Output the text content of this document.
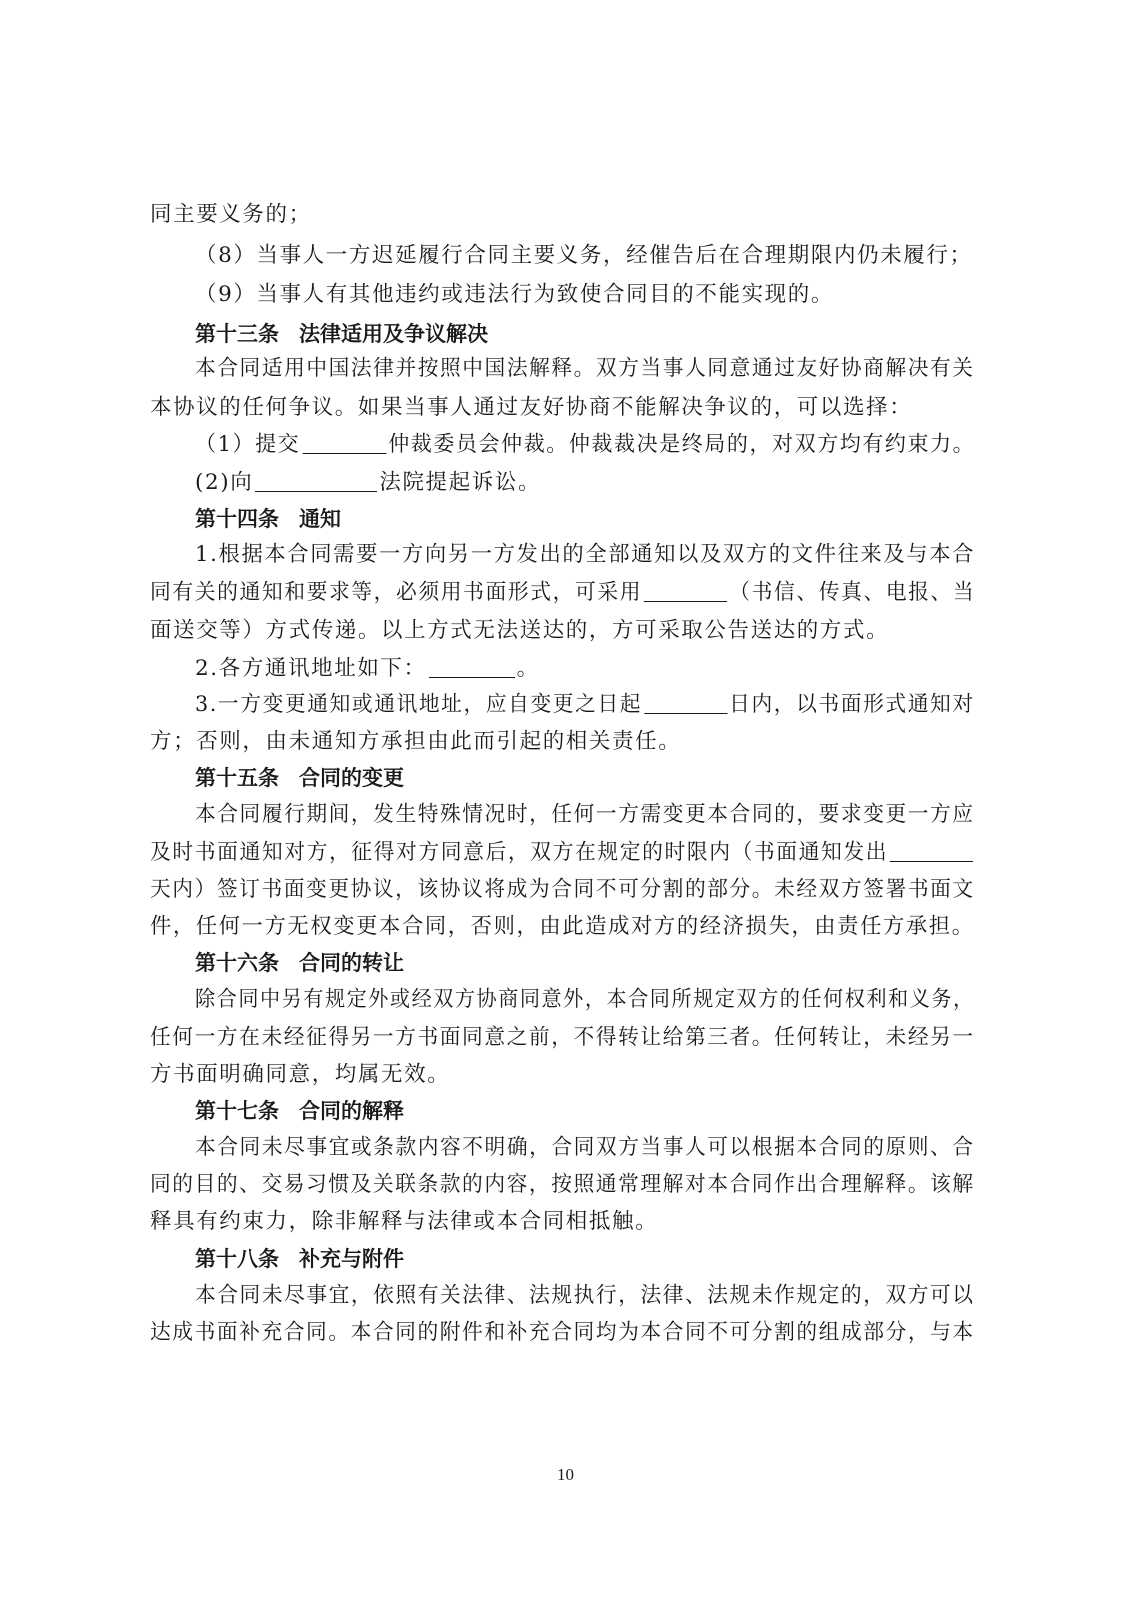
同主要义务的；
（8）当事人一方迟延履行合同主要义务，经催告后在合理期限内仍未履行；
（9）当事人有其他违约或违法行为致使合同目的不能实现的。
第十三条 法律适用及争议解决
本合同适用中国法律并按照中国法解释。双方当事人同意通过友好协商解决有关
本协议的任何争议。如果当事人通过友好协商不能解决争议的，可以选择：
（1）提交	仲裁委员会仲裁。仲裁裁决是终局的，对双方均有约束力。
(2)向	法院提起诉讼。
第十四条 通知
1.根据本合同需要一方向另一方发出的全部通知以及双方的文件往来及与本合
同有关的通知和要求等，必须用书面形式，可采用	（书信、传真、电报、当
面送交等）方式传递。以上方式无法送达的，方可采取公告送达的方式。
2.各方通讯地址如下：	。
3.一方变更通知或通讯地址，应自变更之日起	日内，以书面形式通知对
方；否则，由未通知方承担由此而引起的相关责任。
第十五条 合同的变更
本合同履行期间，发生特殊情况时，任何一方需变更本合同的，要求变更一方应
及时书面通知对方，征得对方同意后，双方在规定的时限内（书面通知发出
天内）签订书面变更协议，该协议将成为合同不可分割的部分。未经双方签署书面文
件，任何一方无权变更本合同，否则，由此造成对方的经济损失，由责任方承担。
第十六条 合同的转让
除合同中另有规定外或经双方协商同意外，本合同所规定双方的任何权利和义务，
任何一方在未经征得另一方书面同意之前，不得转让给第三者。任何转让，未经另一
方书面明确同意，均属无效。
第十七条 合同的解释
本合同未尽事宜或条款内容不明确，合同双方当事人可以根据本合同的原则、合
同的目的、交易习惯及关联条款的内容，按照通常理解对本合同作出合理解释。该解
释具有约束力，除非解释与法律或本合同相抵触。
第十八条 补充与附件
本合同未尽事宜，依照有关法律、法规执行，法律、法规未作规定的，双方可以
达成书面补充合同。本合同的附件和补充合同均为本合同不可分割的组成部分，与本
10
